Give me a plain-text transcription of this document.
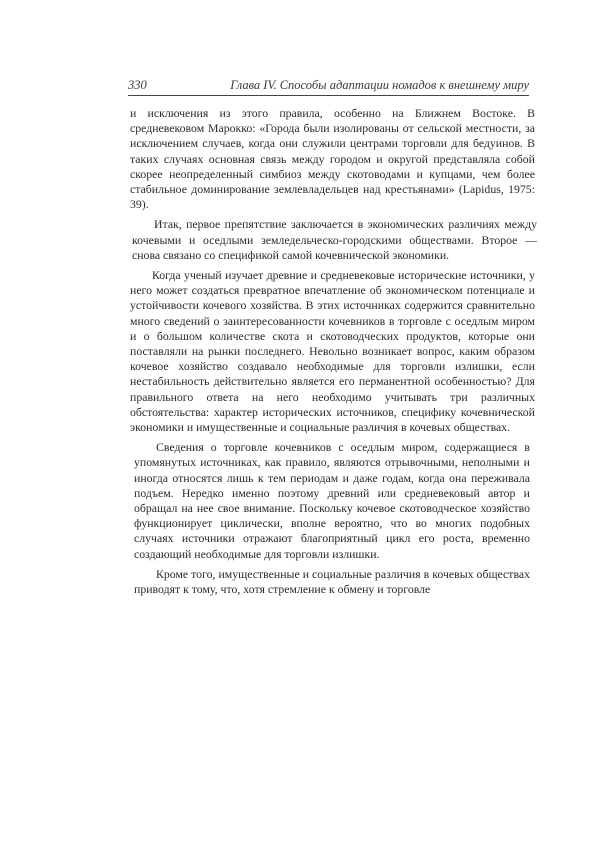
330	Глава IV. Способы адаптации номадов к внешнему миру

и исключения из этого правила, особенно на Ближнем Востоке. В средневековом Марокко: «Города были изолированы от сельской местности, за исключением случаев, когда они служили центрами торговли для бедуинов. В таких случаях основная связь между городом и округой представляла собой скорее неопределенный симбиоз между скотоводами и купцами, чем более стабильное доминирование землевладельцев над крестьянами» (Lapidus, 1975: 39).

Итак, первое препятствие заключается в экономических различиях между кочевыми и оседлыми земледельческо-городскими обществами. Второе — снова связано со спецификой самой кочевнической экономики.

Когда ученый изучает древние и средневековые исторические источники, у него может создаться превратное впечатление об экономическом потенциале и устойчивости кочевого хозяйства. В этих источниках содержится сравнительно много сведений о заинтересованности кочевников в торговле с оседлым миром и о большом количестве скота и скотоводческих продуктов, которые они поставляли на рынки последнего. Невольно возникает вопрос, каким образом кочевое хозяйство создавало необходимые для торговли излишки, если нестабильность действительно является его перманентной особенностью? Для правильного ответа на него необходимо учитывать три различных обстоятельства: характер исторических источников, специфику кочевнической экономики и имущественные и социальные различия в кочевых обществах.

Сведения о торговле кочевников с оседлым миром, содержащиеся в упомянутых источниках, как правило, являются отрывочными, неполными и иногда относятся лишь к тем периодам и даже годам, когда она переживала подъем. Нередко именно поэтому древний или средневековый автор и обращал на нее свое внимание. Поскольку кочевое скотоводческое хозяйство функционирует циклически, вполне вероятно, что во многих подобных случаях источники отражают благоприятный цикл его роста, временно создающий необходимые для торговли излишки.

Кроме того, имущественные и социальные различия в кочевых обществах приводят к тому, что, хотя стремление к обмену и торговле
